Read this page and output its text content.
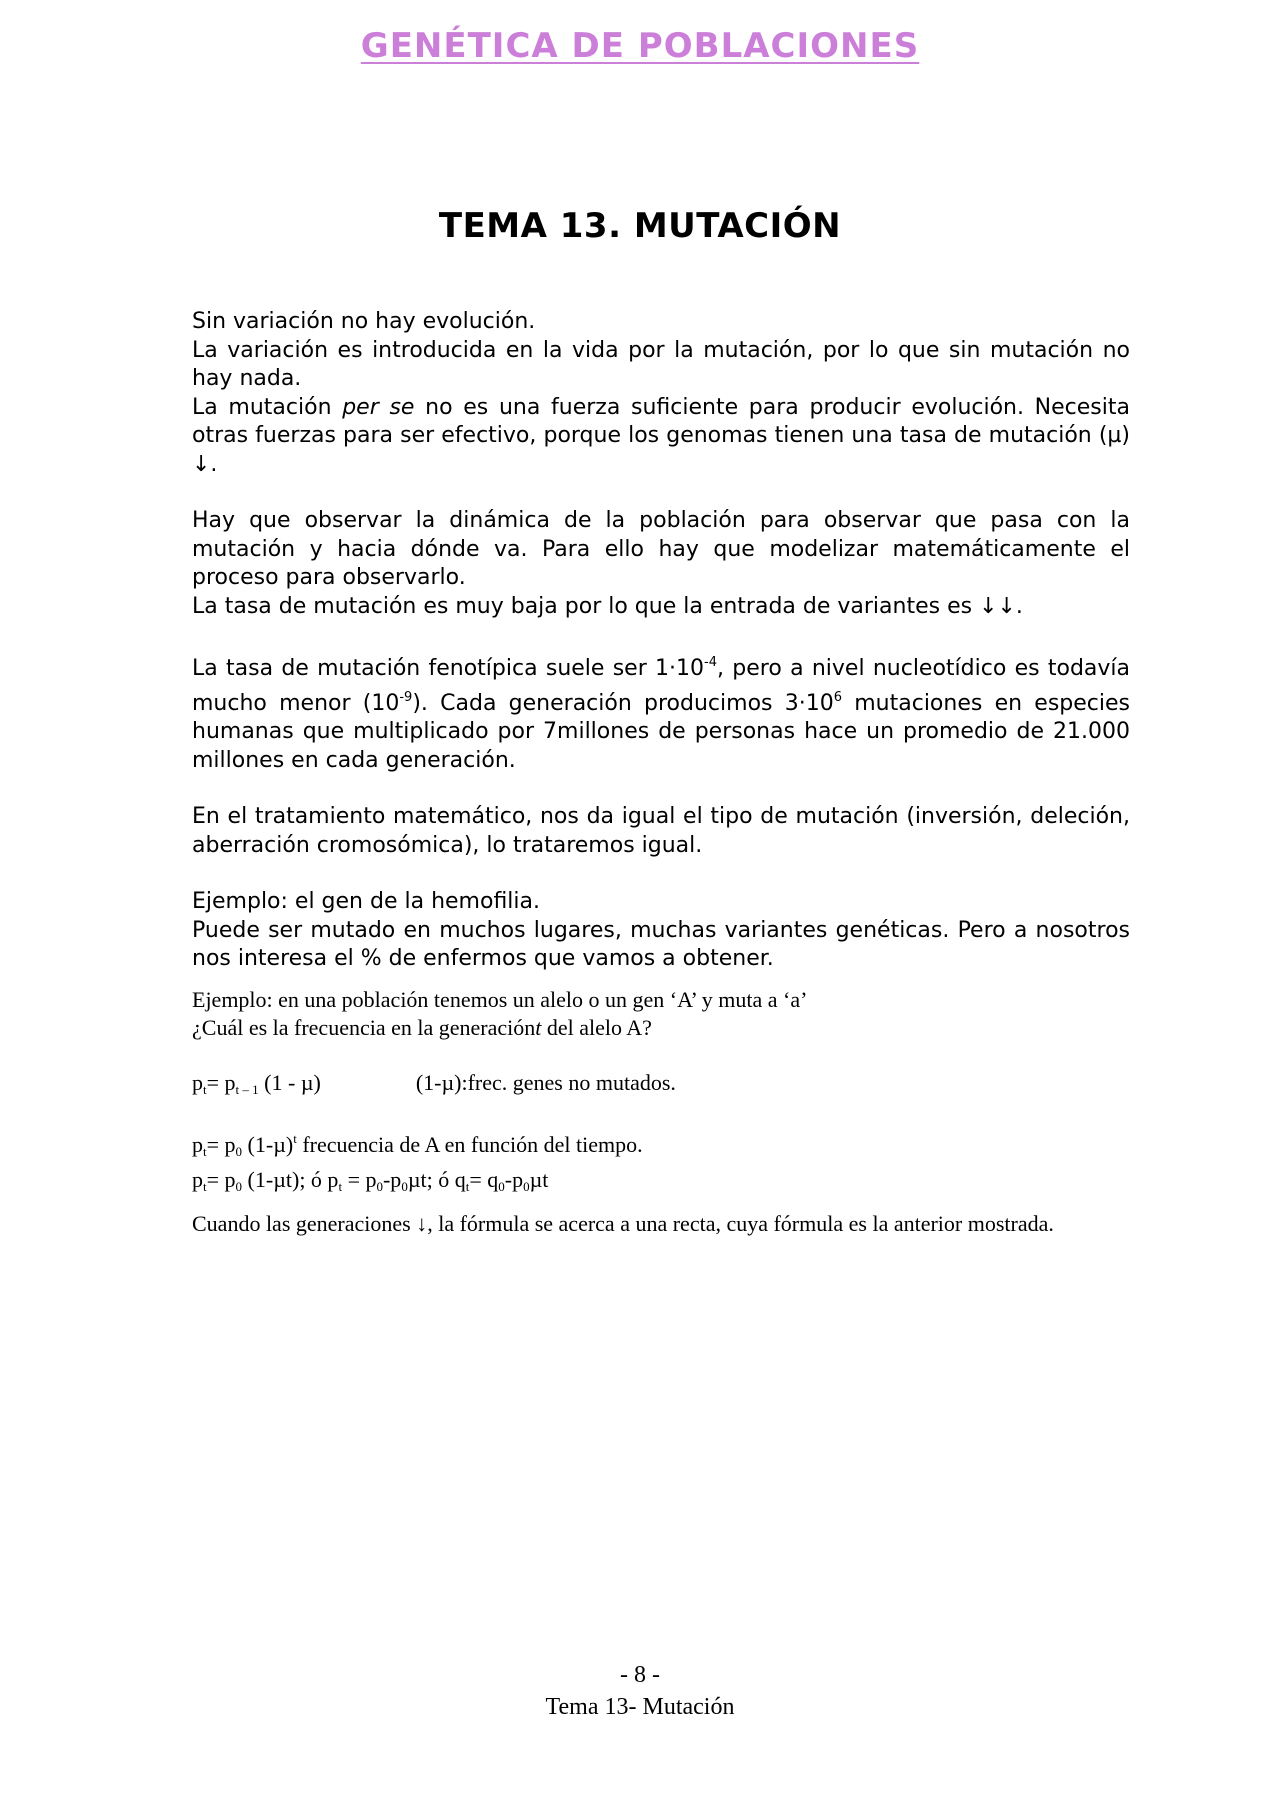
GENÉTICA DE POBLACIONES
TEMA 13. MUTACIÓN

Sin variación no hay evolución.

La variación es introducida en la vida por la mutación, por lo que sin mutación no hay nada.

La mutación per se no es una fuerza suficiente para producir evolución. Necesita otras fuerzas para ser efectivo, porque los genomas tienen una tasa de mutación (µ) ↓.

Hay que observar la dinámica de la población para observar que pasa con la mutación y hacia dónde va. Para ello hay que modelizar matemáticamente el proceso para observarlo.

La tasa de mutación es muy baja por lo que la entrada de variantes es ↓↓.

La tasa de mutación fenotípica suele ser $1\cdot 10^{-4}$, pero a nivel nucleotídico es todavía mucho menor $(10^{-9})$. Cada generación producimos $3\cdot 10^6$ mutaciones en especies humanas que multiplicado por 7millones de personas hace un promedio de 21.000 millones en cada generación.

En el tratamiento matemático, nos da igual el tipo de mutación (inversión, deleción, aberración cromosómica), lo trataremos igual.

Ejemplo: el gen de la hemofilia.

Puede ser mutado en muchos lugares, muchas variantes genéticas. Pero a nosotros nos interesa el % de enfermos que vamos a obtener.

Ejemplo: en una población tenemos un alelo o un gen ‘A’ y muta a ‘a’

¿Cuál es la frecuencia en la generaciónt del alelo A?

$p_t= p_{t - 1}$ (1 - µ)	(1-µ):frec. genes no mutados.

$p_t= p_0$ $(1-\mu)^t$ frecuencia de A en función del tiempo.

$p_t= p_0$ (1-µt); ó $p_t = p_0-p_0\mu t$; ó $q_t= q_0-p_0\mu t$

Cuando las generaciones ↓, la fórmula se acerca a una recta, cuya fórmula es la anterior mostrada.
- 8 -
Tema 13- Mutación
